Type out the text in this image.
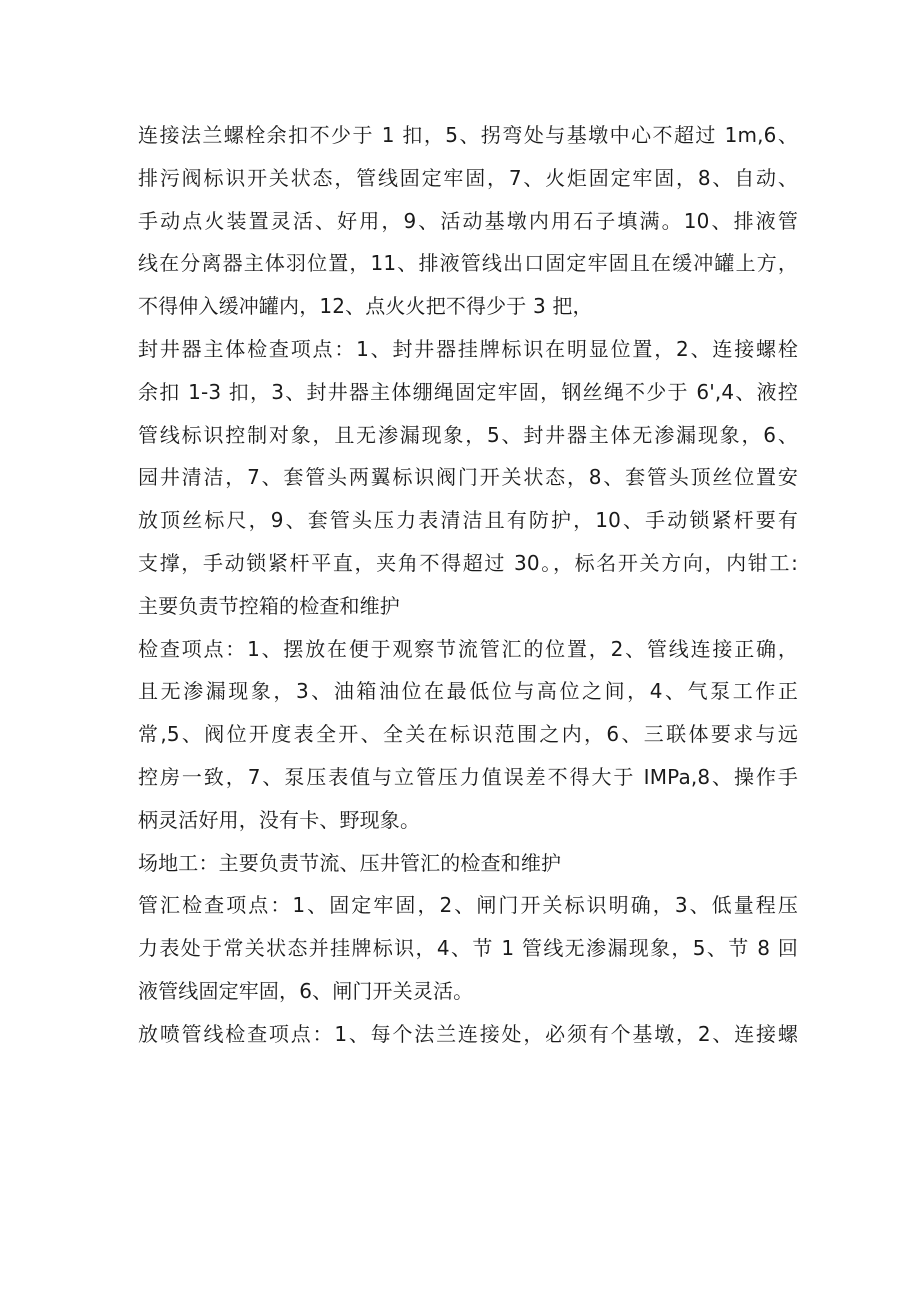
连接法兰螺栓余扣不少于 1 扣，5、拐弯处与基墩中心不超过 1m,6、
排污阀标识开关状态，管线固定牢固，7、火炬固定牢固，8、自动、
手动点火装置灵活、好用，9、活动基墩内用石子填满。10、排液管
线在分离器主体羽位置，11、排液管线出口固定牢固且在缓冲罐上方，
不得伸入缓冲罐内，12、点火火把不得少于 3 把，
封井器主体检查项点：1、封井器挂牌标识在明显位置，2、连接螺栓
余扣 1-3 扣，3、封井器主体绷绳固定牢固，钢丝绳不少于 6',4、液控
管线标识控制对象，且无渗漏现象，5、封井器主体无渗漏现象，6、
园井清洁，7、套管头两翼标识阀门开关状态，8、套管头顶丝位置安
放顶丝标尺，9、套管头压力表清洁且有防护，10、手动锁紧杆要有
支撑，手动锁紧杆平直，夹角不得超过 30。，标名开关方向，内钳工:
主要负责节控箱的检查和维护
检查项点：1、摆放在便于观察节流管汇的位置，2、管线连接正确，
且无渗漏现象，3、油箱油位在最低位与高位之间，4、气泵工作正
常,5、阀位开度表全开、全关在标识范围之内，6、三联体要求与远
控房一致，7、泵压表值与立管压力值误差不得大于 IMPa,8、操作手
柄灵活好用，没有卡、野现象。
场地工：主要负责节流、压井管汇的检查和维护
管汇检查项点：1、固定牢固，2、闸门开关标识明确，3、低量程压
力表处于常关状态并挂牌标识，4、节 1 管线无渗漏现象，5、节 8 回
液管线固定牢固，6、闸门开关灵活。
放喷管线检查项点：1、每个法兰连接处，必须有个基墩，2、连接螺
